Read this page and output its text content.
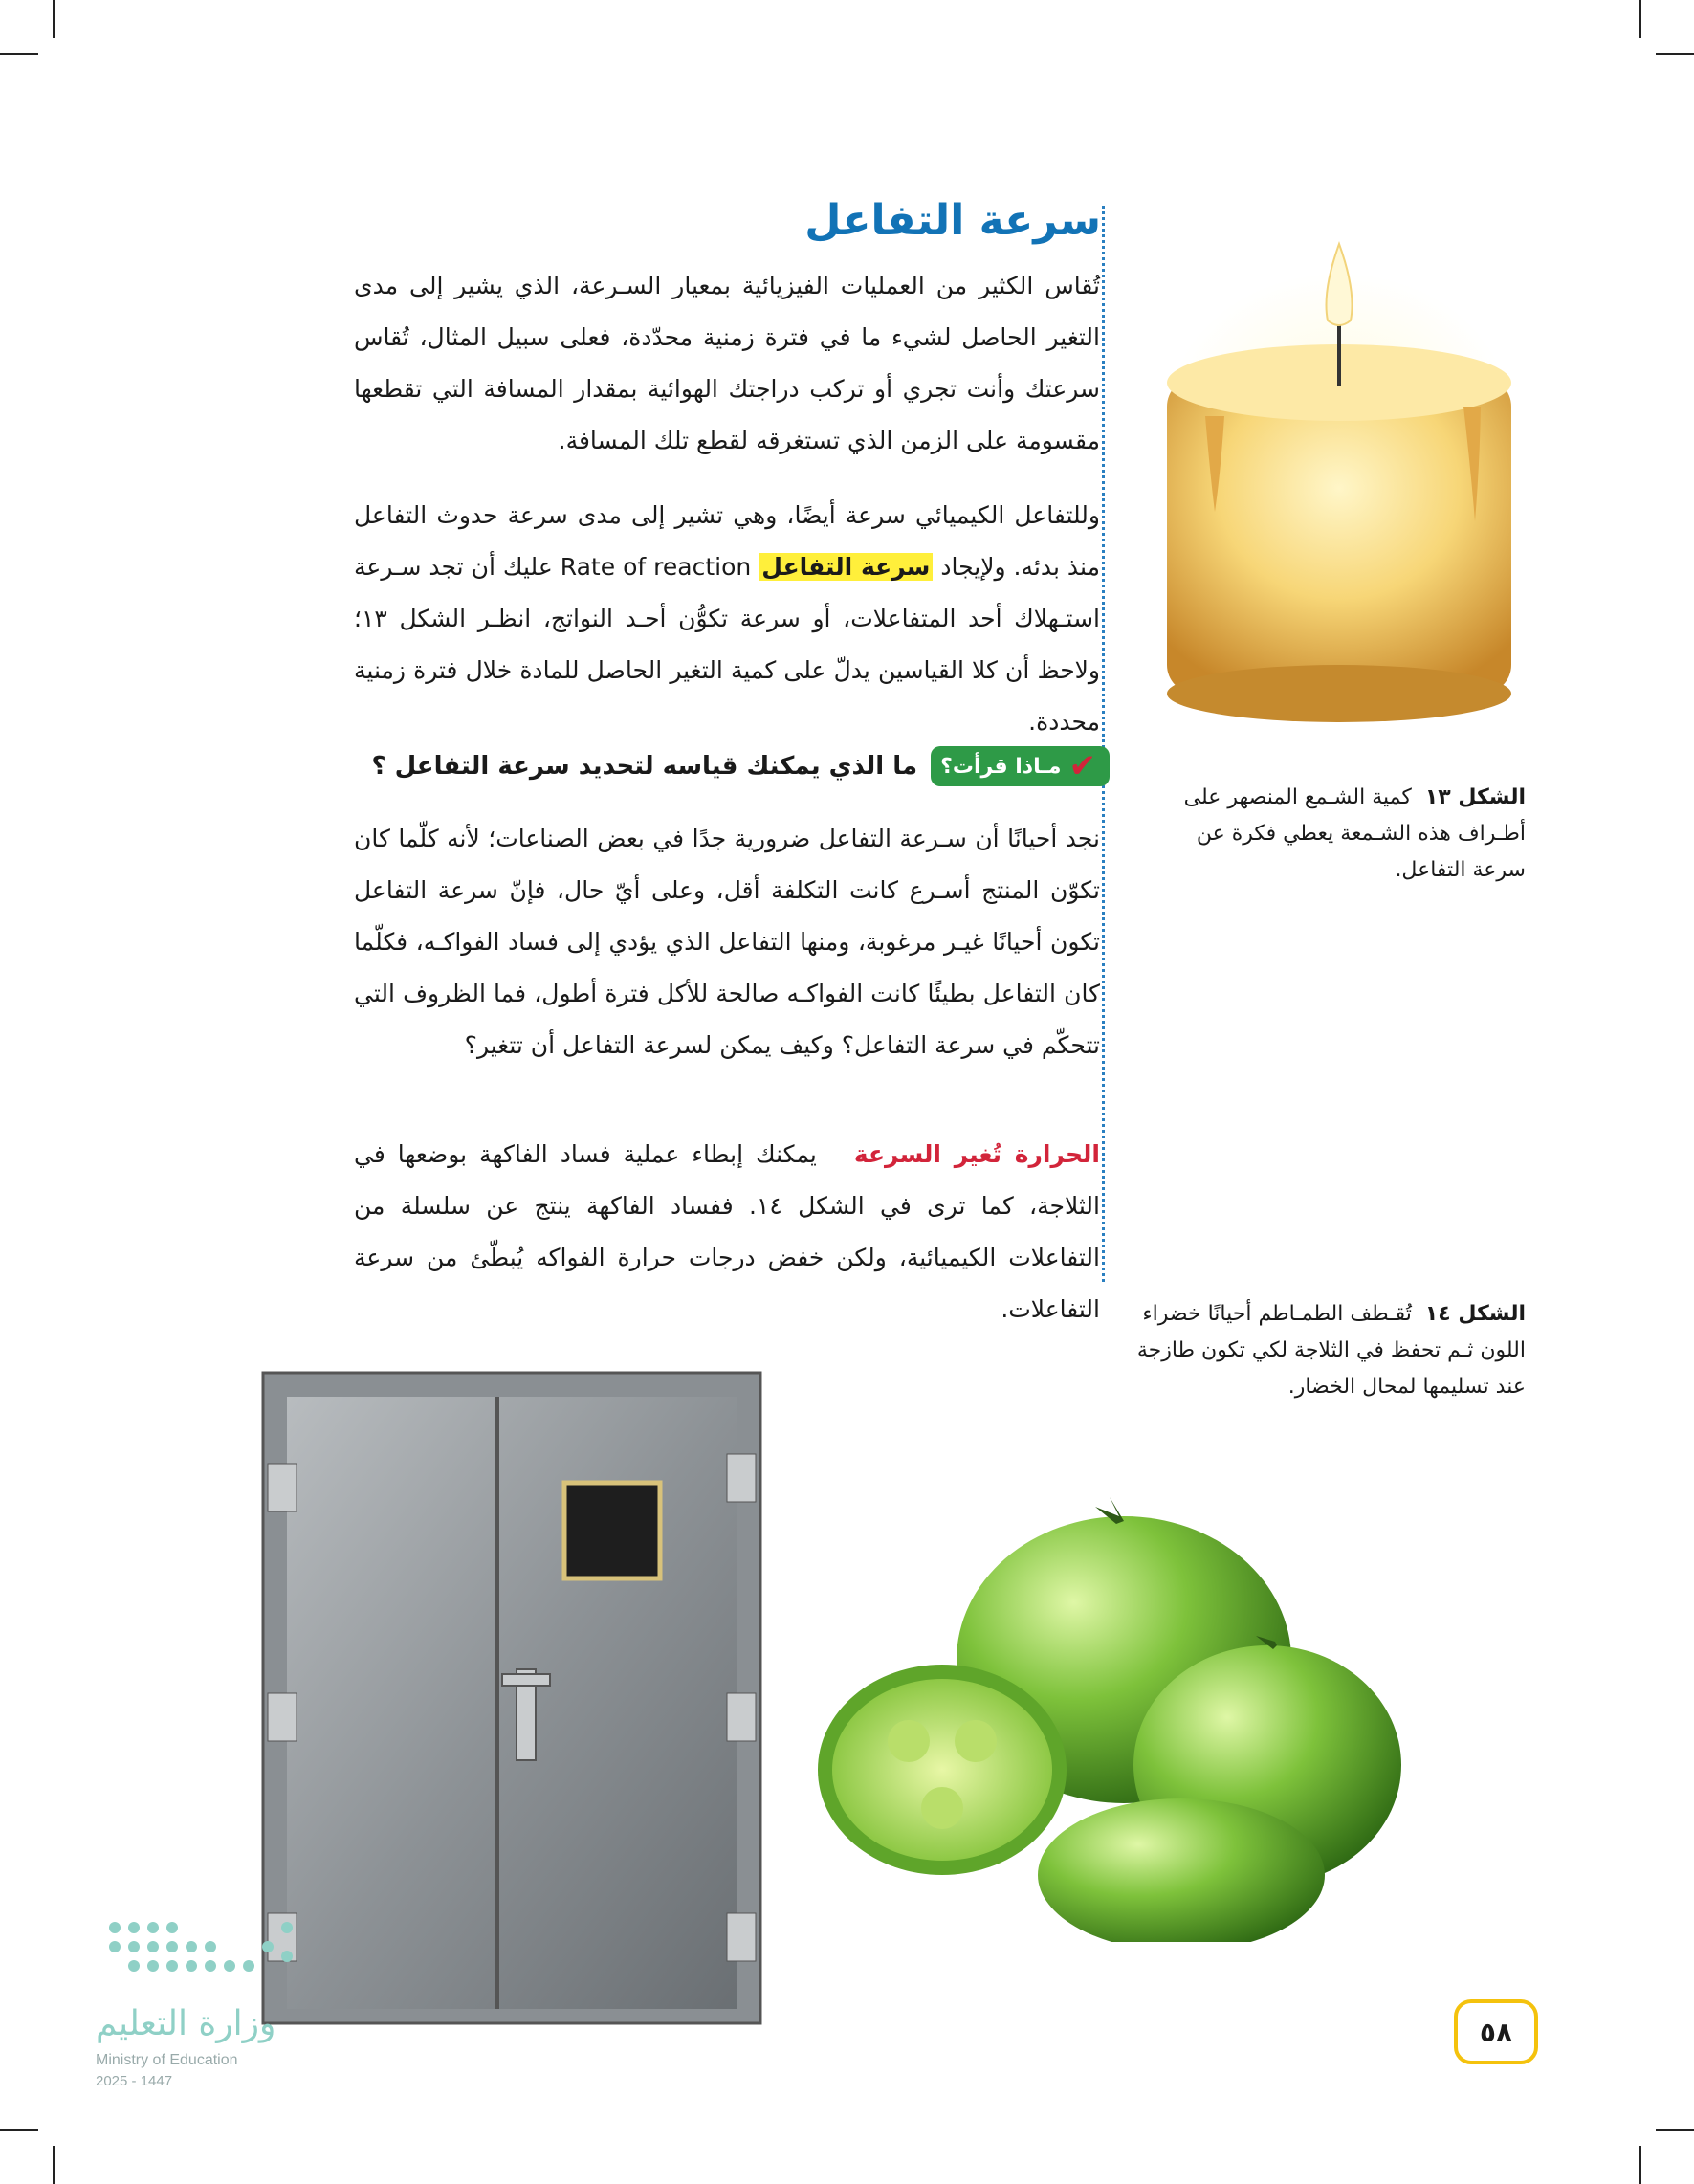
سرعة التفاعل

تُقاس الكثير من العمليات الفيزيائية بمعيار السـرعة، الذي يشير إلى مدى التغير الحاصل لشيء ما في فترة زمنية محدّدة، فعلى سبيل المثال، تُقاس سرعتك وأنت تجري أو تركب دراجتك الهوائية بمقدار المسافة التي تقطعها مقسومة على الزمن الذي تستغرقه لقطع تلك المسافة.

وللتفاعل الكيميائي سرعة أيضًا، وهي تشير إلى مدى سرعة حدوث التفاعل منذ بدئه. ولإيجاد سرعة التفاعل Rate of reaction عليك أن تجد سـرعة استـهلاك أحد المتفاعلات، أو سرعة تكوُّن أحـد النواتج، انظـر الشكل ١٣؛ ولاحظ أن كلا القياسين يدلّ على كمية التغير الحاصل للمادة خلال فترة زمنية محددة.

✔
مـاذا قرأت؟
ما الذي يمكنك قياسه لتحديد سرعة التفاعل ؟

نجد أحيانًا أن سـرعة التفاعل ضرورية جدًا في بعض الصناعات؛ لأنه كلّما كان تكوّن المنتج أسـرع كانت التكلفة أقل، وعلى أيّ حال، فإنّ سرعة التفاعل تكون أحيانًا غيـر مرغوبة، ومنها التفاعل الذي يؤدي إلى فساد الفواكـه، فكلّما كان التفاعل بطيئًا كانت الفواكـه صالحة للأكل فترة أطول، فما الظروف التي تتحكّم في سرعة التفاعل؟ وكيف يمكن لسرعة التفاعل أن تتغير؟

الحرارة تُغير السرعة   يمكنك إبطاء عملية فساد الفاكهة بوضعها في الثلاجة، كما ترى في الشكل ١٤. ففساد الفاكهة ينتج عن سلسلة من التفاعلات الكيميائية، ولكن خفض درجات حرارة الفواكه يُبطّئ من سرعة التفاعلات.

الشكل ١٣  كمية الشـمع المنصهر على أطـراف هذه الشـمعة يعطي فكرة عن سرعة التفاعل.
الشكل ١٤  تُقـطف الطمـاطم أحيانًا خضراء اللون ثـم تحفظ في الثلاجة لكي تكون طازجة عند تسليمها لمحال الخضار.
وزارة التعليم
Ministry of Education
2025 - 1447
٥٨
